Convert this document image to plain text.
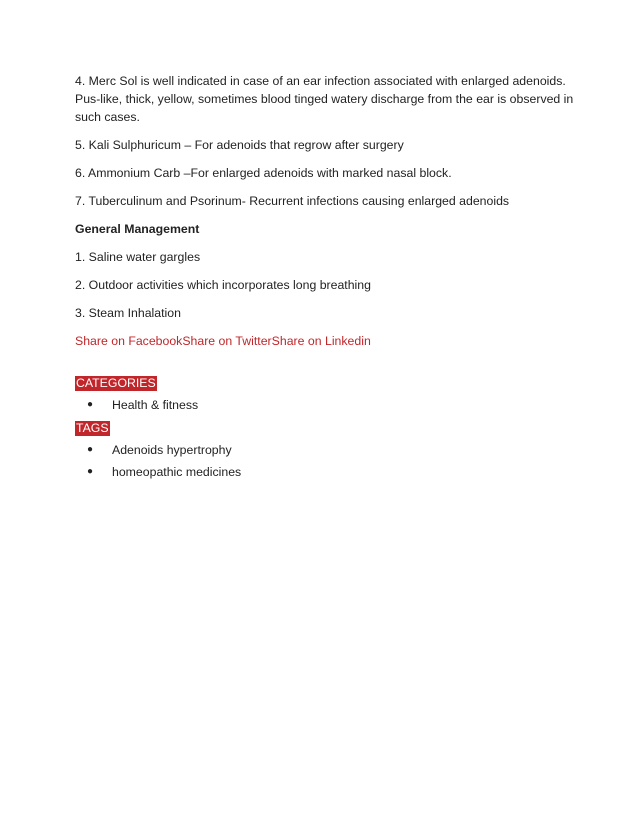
4. Merc Sol is well indicated in case of an ear infection associated with enlarged adenoids. Pus-like, thick, yellow, sometimes blood tinged watery discharge from the ear is observed in such cases.

5. Kali Sulphuricum – For adenoids that regrow after surgery

6. Ammonium Carb –For enlarged adenoids with marked nasal block.

7. Tuberculinum and Psorinum- Recurrent infections causing enlarged adenoids

General Management

1. Saline water gargles

2. Outdoor activities which incorporates long breathing

3. Steam Inhalation

Share on FacebookShare on TwitterShare on Linkedin
CATEGORIES
● Health & fitness
TAGS
● Adenoids hypertrophy
● homeopathic medicines
